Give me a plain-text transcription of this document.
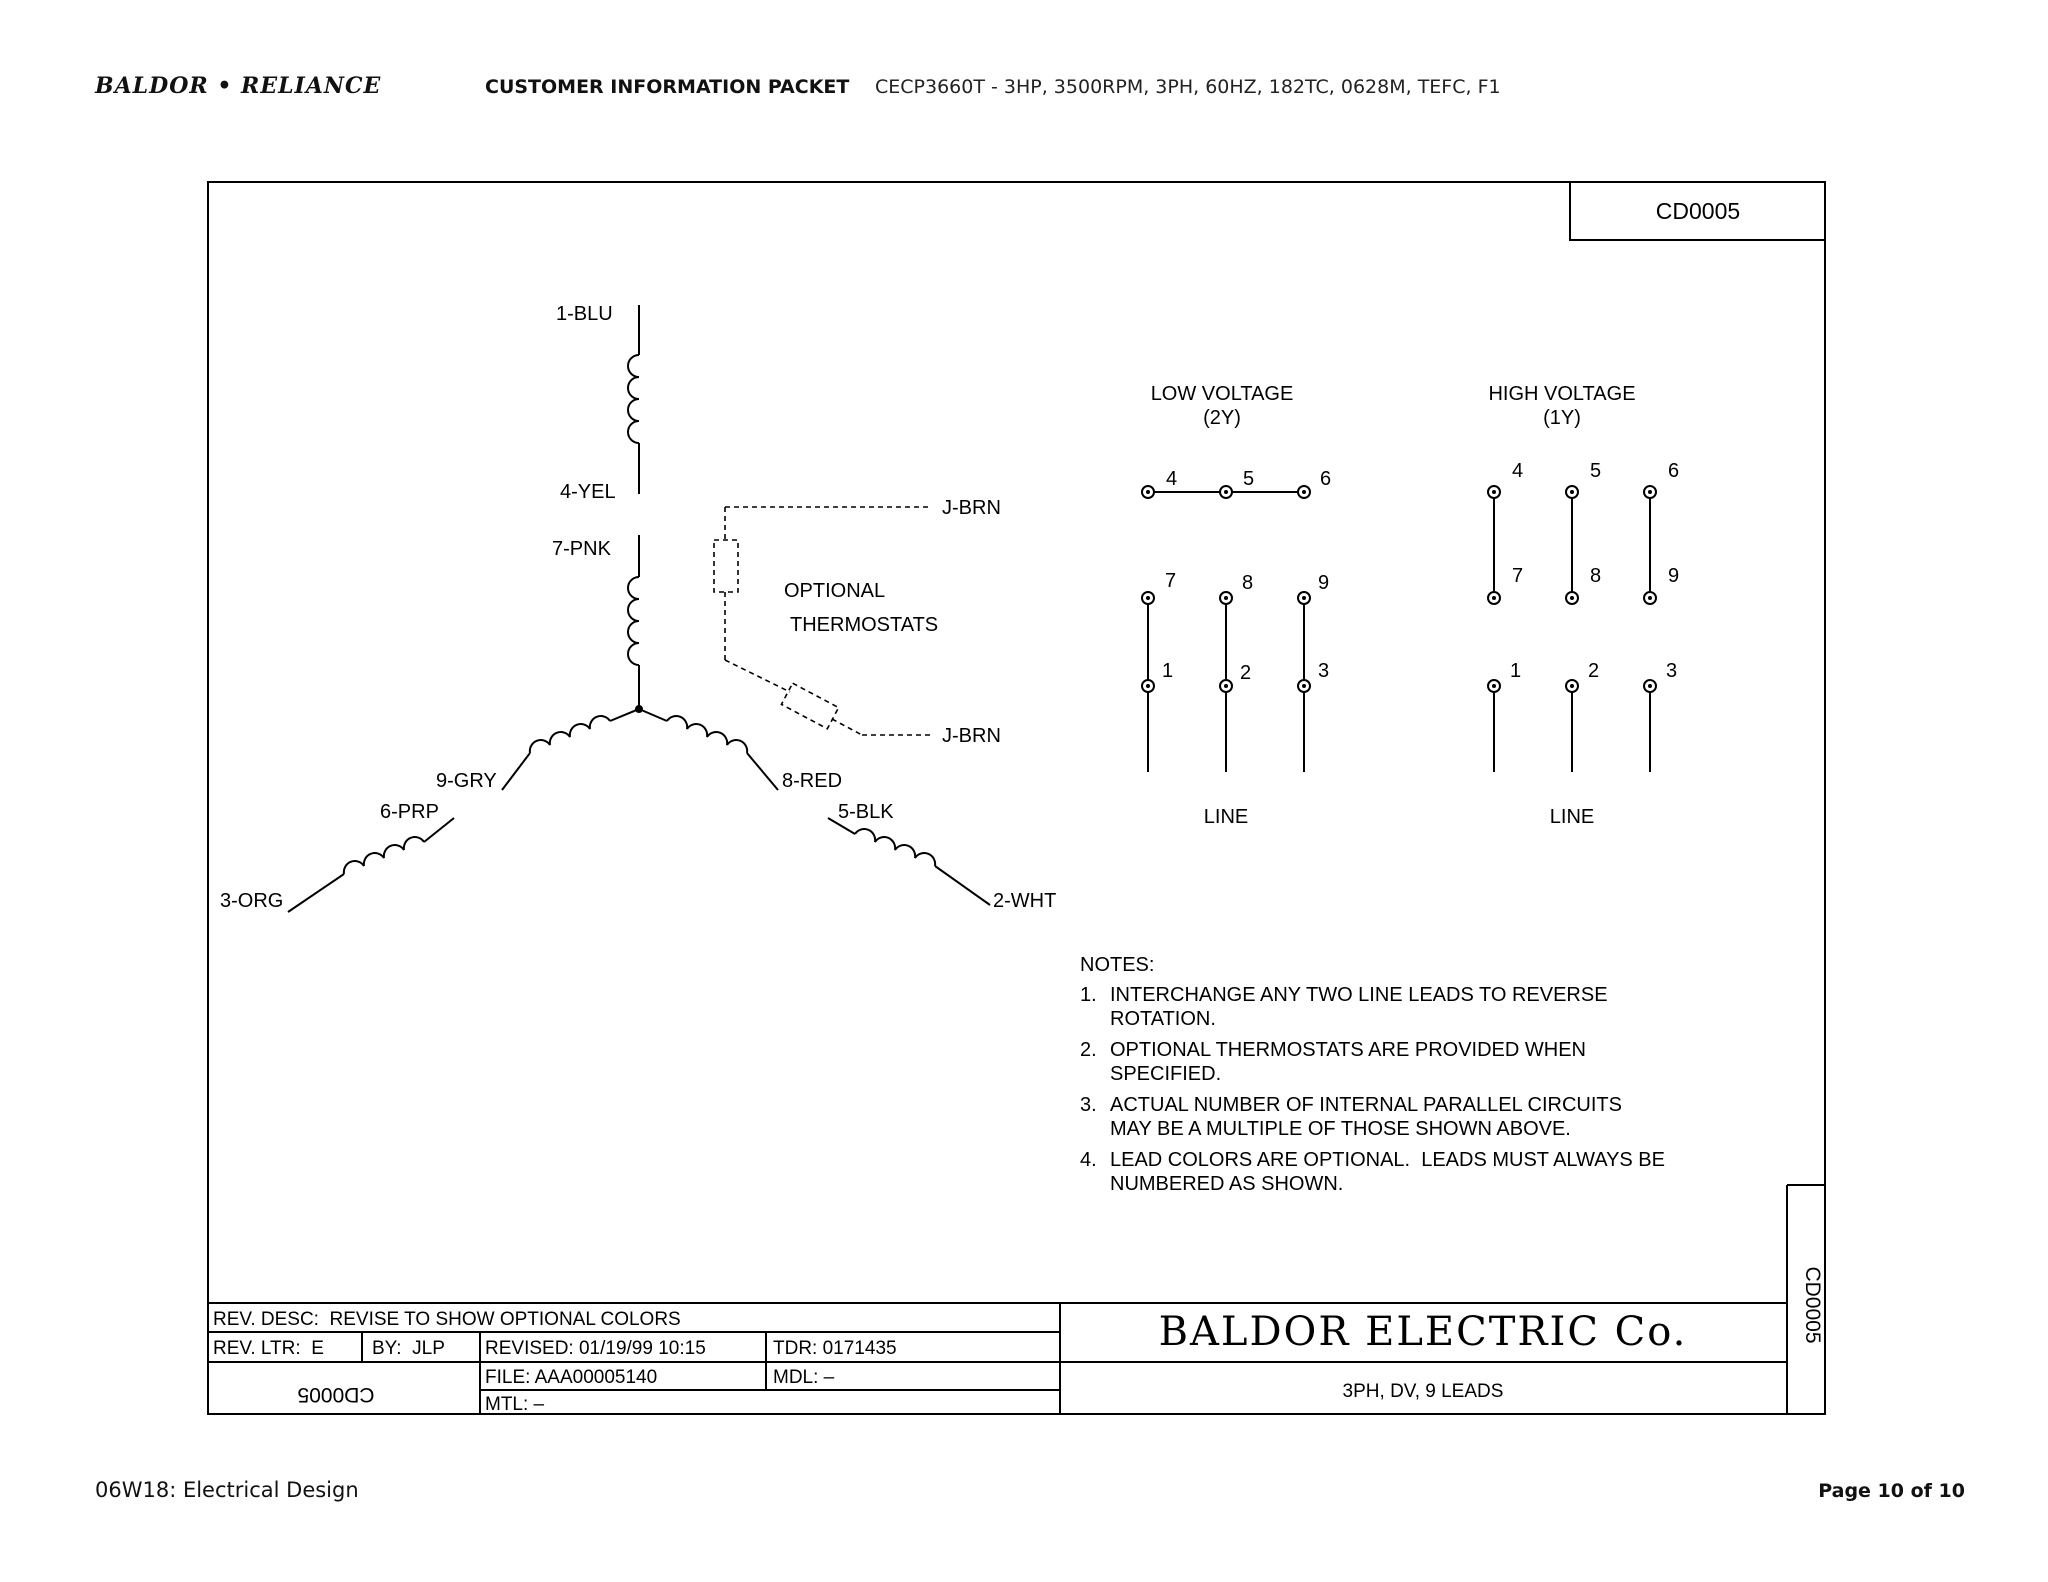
BALDOR • RELIANCE	CUSTOMER INFORMATION PACKET CECP3660T - 3HP, 3500RPM, 3PH, 60HZ, 182TC, 0628M, TEFC, F1
CD0005
1-BLU
4-YEL
7-PNK
9-GRY
6-PRP
3-ORG
8-RED
5-BLK
2-WHT
J-BRN
J-BRN
OPTIONAL
THERMOSTATS
LOW VOLTAGE
(2Y)
4	5	6
7	8	9
1	2	3
LINE
HIGH VOLTAGE
(1Y)
4	5	6
7	8	9
1	2	3
LINE
NOTES:
1. INTERCHANGE ANY TWO LINE LEADS TO REVERSE
ROTATION.
2. OPTIONAL THERMOSTATS ARE PROVIDED WHEN
SPECIFIED.
3. ACTUAL NUMBER OF INTERNAL PARALLEL CIRCUITS
MAY BE A MULTIPLE OF THOSE SHOWN ABOVE.
4. LEAD COLORS ARE OPTIONAL.  LEADS MUST ALWAYS BE
NUMBERED AS SHOWN.
REV. DESC:  REVISE TO SHOW OPTIONAL COLORS
REV. LTR:  E	BY:  JLP REVISED: 01/19/99 10:15	TDR: 0171435
FILE: AAA00005140	MDL: –
MTL: –
CD0005
BALDOR ELECTRIC Co.
3PH, DV, 9 LEADS
CD0005
06W18: Electrical Design	Page 10 of 10
